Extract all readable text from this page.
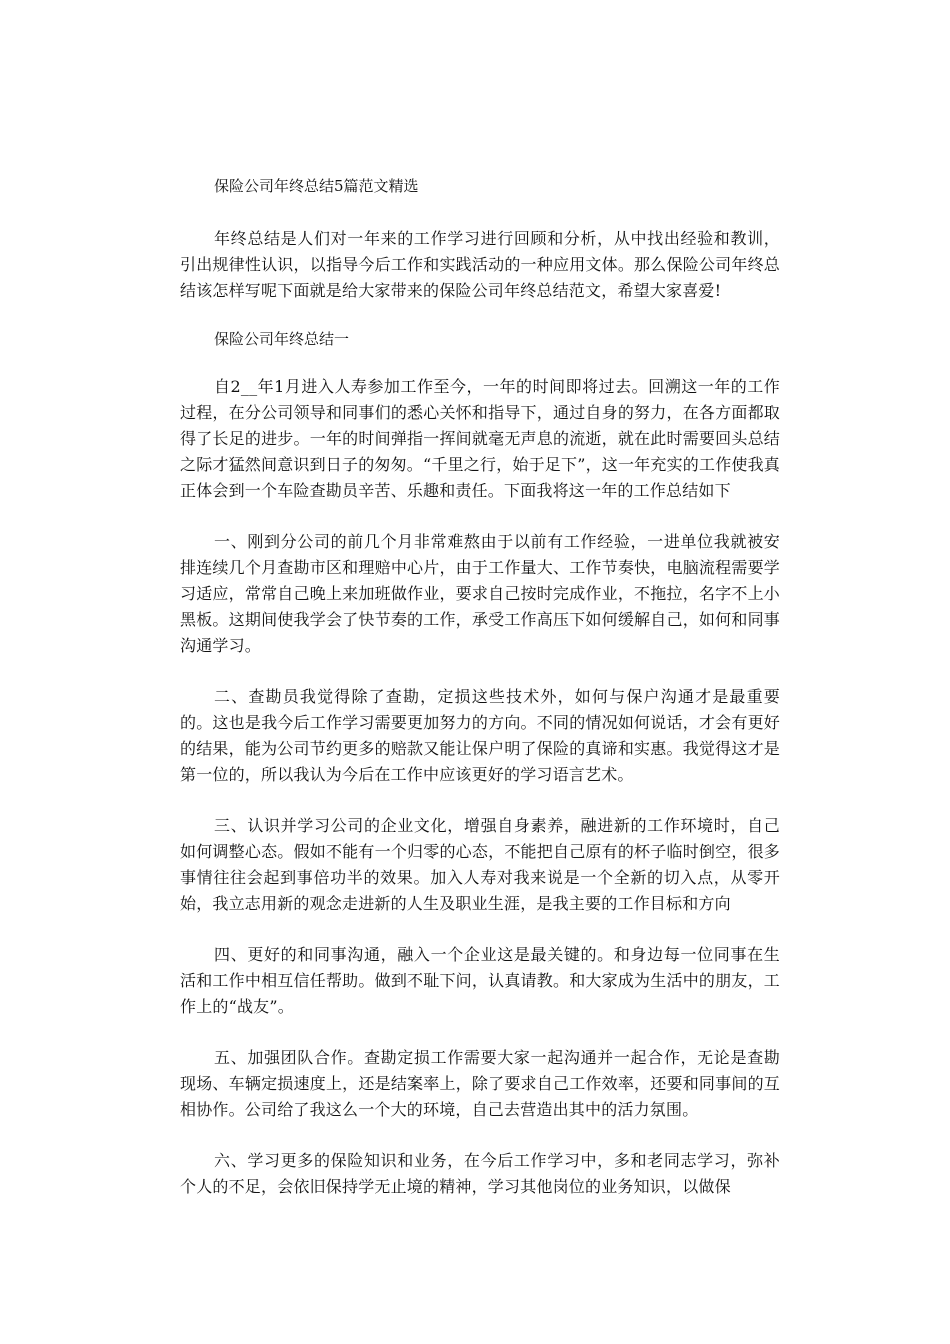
保险公司年终总结5篇范文精选

年终总结是人们对一年来的工作学习进行回顾和分析，从中找出经验和教训，引出规律性认识，以指导今后工作和实践活动的一种应用文体。那么保险公司年终总结该怎样写呢下面就是给大家带来的保险公司年终总结范文，希望大家喜爱!

保险公司年终总结一

自2__年1月进入人寿参加工作至今，一年的时间即将过去。回溯这一年的工作过程，在分公司领导和同事们的悉心关怀和指导下，通过自身的努力，在各方面都取得了长足的进步。一年的时间弹指一挥间就毫无声息的流逝，就在此时需要回头总结之际才猛然间意识到日子的匆匆。“千里之行，始于足下”，这一年充实的工作使我真正体会到一个车险查勘员辛苦、乐趣和责任。下面我将这一年的工作总结如下

一、刚到分公司的前几个月非常难熬由于以前有工作经验，一进单位我就被安排连续几个月查勘市区和理赔中心片，由于工作量大、工作节奏快，电脑流程需要学习适应，常常自己晚上来加班做作业，要求自己按时完成作业，不拖拉，名字不上小黑板。这期间使我学会了快节奏的工作，承受工作高压下如何缓解自己，如何和同事沟通学习。

二、查勘员我觉得除了查勘，定损这些技术外，如何与保户沟通才是最重要的。这也是我今后工作学习需要更加努力的方向。不同的情况如何说话，才会有更好的结果，能为公司节约更多的赔款又能让保户明了保险的真谛和实惠。我觉得这才是第一位的，所以我认为今后在工作中应该更好的学习语言艺术。

三、认识并学习公司的企业文化，增强自身素养，融进新的工作环境时，自己如何调整心态。假如不能有一个归零的心态，不能把自己原有的杯子临时倒空，很多事情往往会起到事倍功半的效果。加入人寿对我来说是一个全新的切入点，从零开始，我立志用新的观念走进新的人生及职业生涯，是我主要的工作目标和方向

四、更好的和同事沟通，融入一个企业这是最关键的。和身边每一位同事在生活和工作中相互信任帮助。做到不耻下问，认真请教。和大家成为生活中的朋友，工作上的“战友”。

五、加强团队合作。查勘定损工作需要大家一起沟通并一起合作，无论是查勘现场、车辆定损速度上，还是结案率上，除了要求自己工作效率，还要和同事间的互相协作。公司给了我这么一个大的环境，自己去营造出其中的活力氛围。

六、学习更多的保险知识和业务，在今后工作学习中，多和老同志学习，弥补个人的不足，会依旧保持学无止境的精神，学习其他岗位的业务知识，以做保
